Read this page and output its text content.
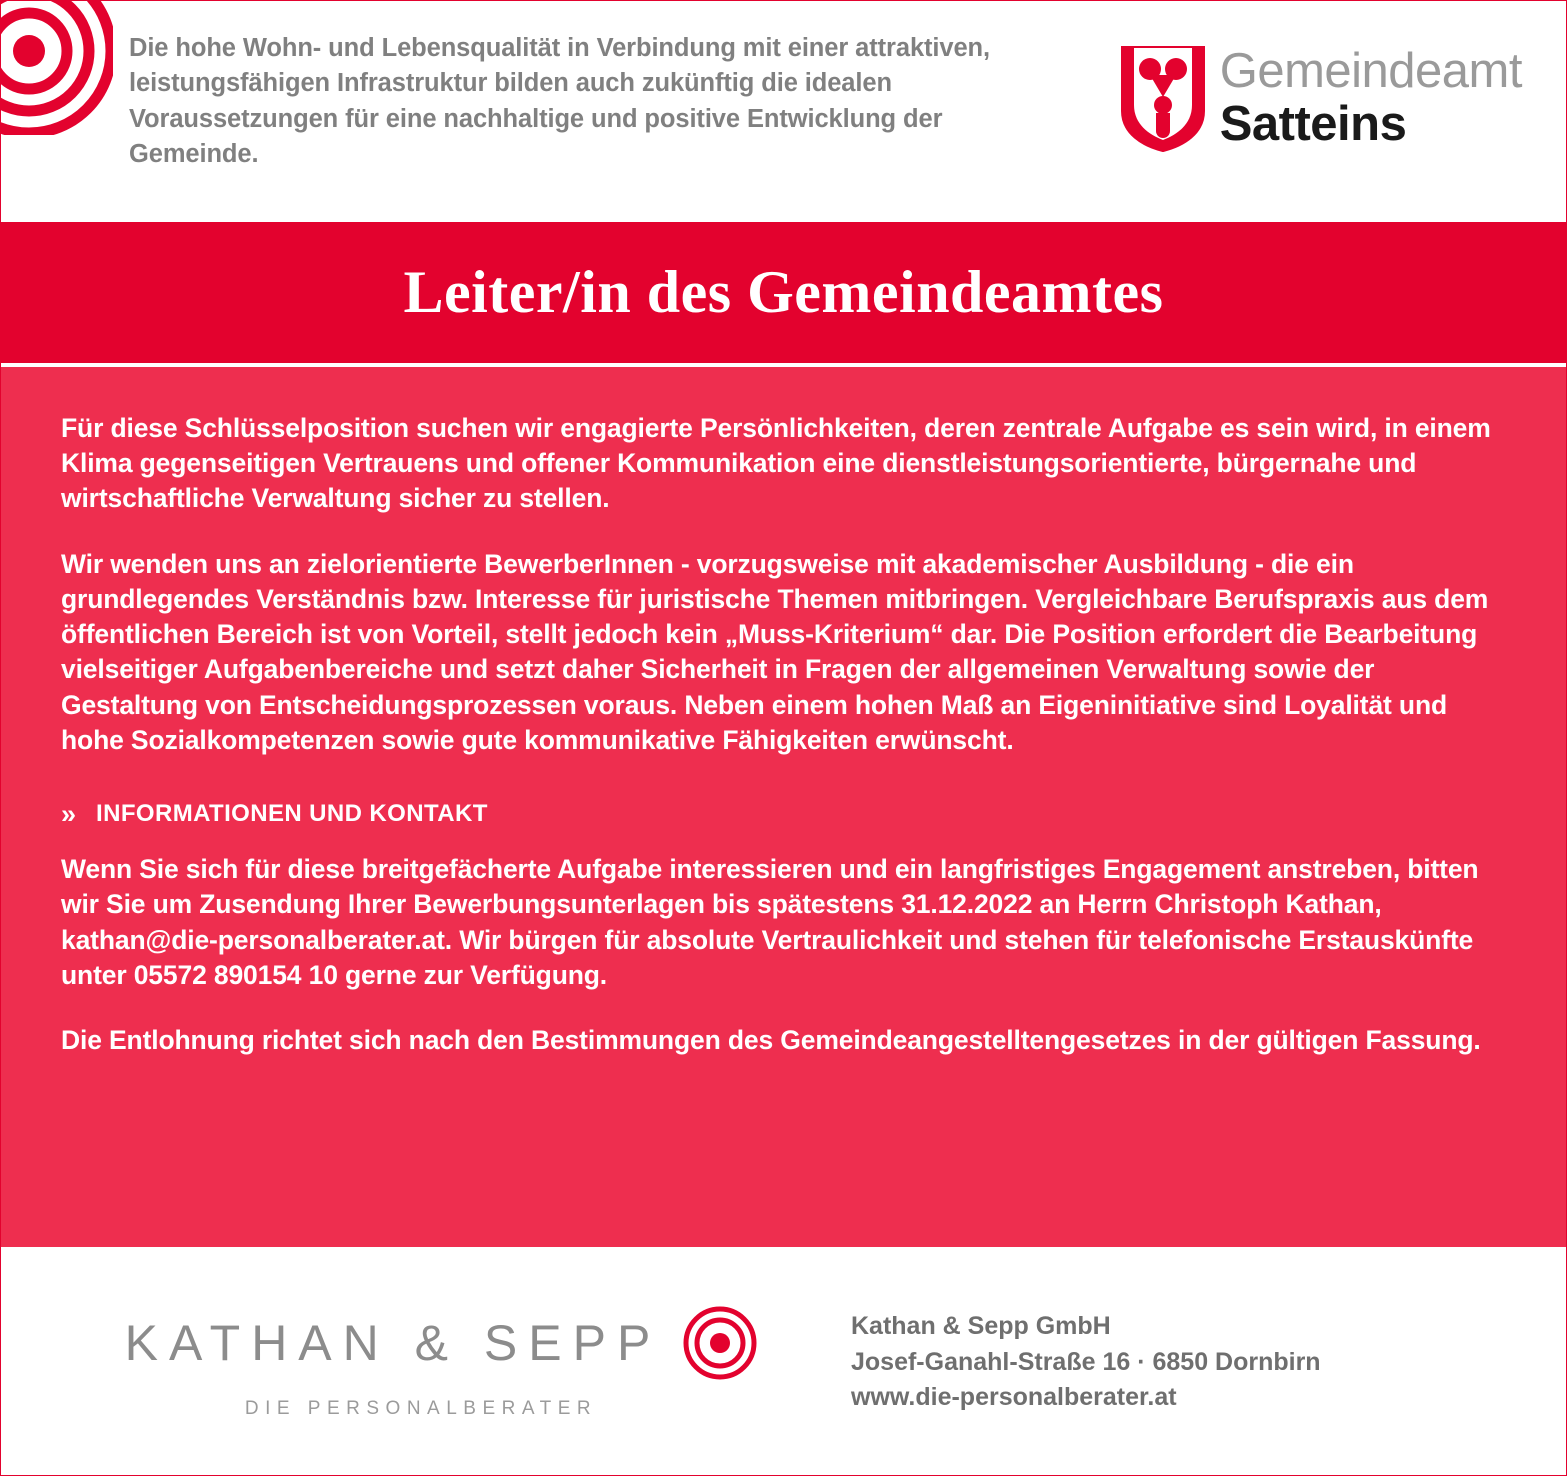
Die hohe Wohn- und Lebensqualität in Verbindung mit einer attraktiven, leistungsfähigen Infrastruktur bilden auch zukünftig die idealen Voraussetzungen für eine nachhaltige und positive Entwicklung der Gemeinde.
Gemeindeamt
Satteins
Leiter/in des Gemeindeamtes

Für diese Schlüsselposition suchen wir engagierte Persönlichkeiten, deren zentrale Aufgabe es sein wird, in einem Klima gegenseitigen Vertrauens und offener Kommunikation eine dienstleistungsorientierte, bürgernahe und wirtschaftliche Verwaltung sicher zu stellen.

Wir wenden uns an zielorientierte BewerberInnen - vorzugsweise mit akademischer Ausbildung - die ein grundlegendes Verständnis bzw. Interesse für juristische Themen mitbringen. Vergleichbare Berufspraxis aus dem öffentlichen Bereich ist von Vorteil, stellt jedoch kein „Muss-Kriterium“ dar. Die Position erfordert die Bearbeitung vielseitiger Aufgabenbereiche und setzt daher Sicherheit in Fragen der allgemeinen Verwaltung sowie der Gestaltung von Entscheidungsprozessen voraus. Neben einem hohen Maß an Eigeninitiative sind Loyalität und hohe Sozialkompetenzen sowie gute kommunikative Fähigkeiten erwünscht.

» INFORMATIONEN UND KONTAKT

Wenn Sie sich für diese breitgefächerte Aufgabe interessieren und ein langfristiges Engagement anstreben, bitten wir Sie um Zusendung Ihrer Bewerbungsunterlagen bis spätestens 31.12.2022 an Herrn Christoph Kathan, kathan@die-personalberater.at. Wir bürgen für absolute Vertraulichkeit und stehen für telefonische Erstauskünfte unter 05572 890154 10 gerne zur Verfügung.

Die Entlohnung richtet sich nach den Bestimmungen des Gemeindeangestelltengesetzes in der gültigen Fassung.

KATHAN & SEPP
DIE PERSONALBERATER
Kathan & Sepp GmbH
Josef-Ganahl-Straße 16 · 6850 Dornbirn
www.die-personalberater.at
